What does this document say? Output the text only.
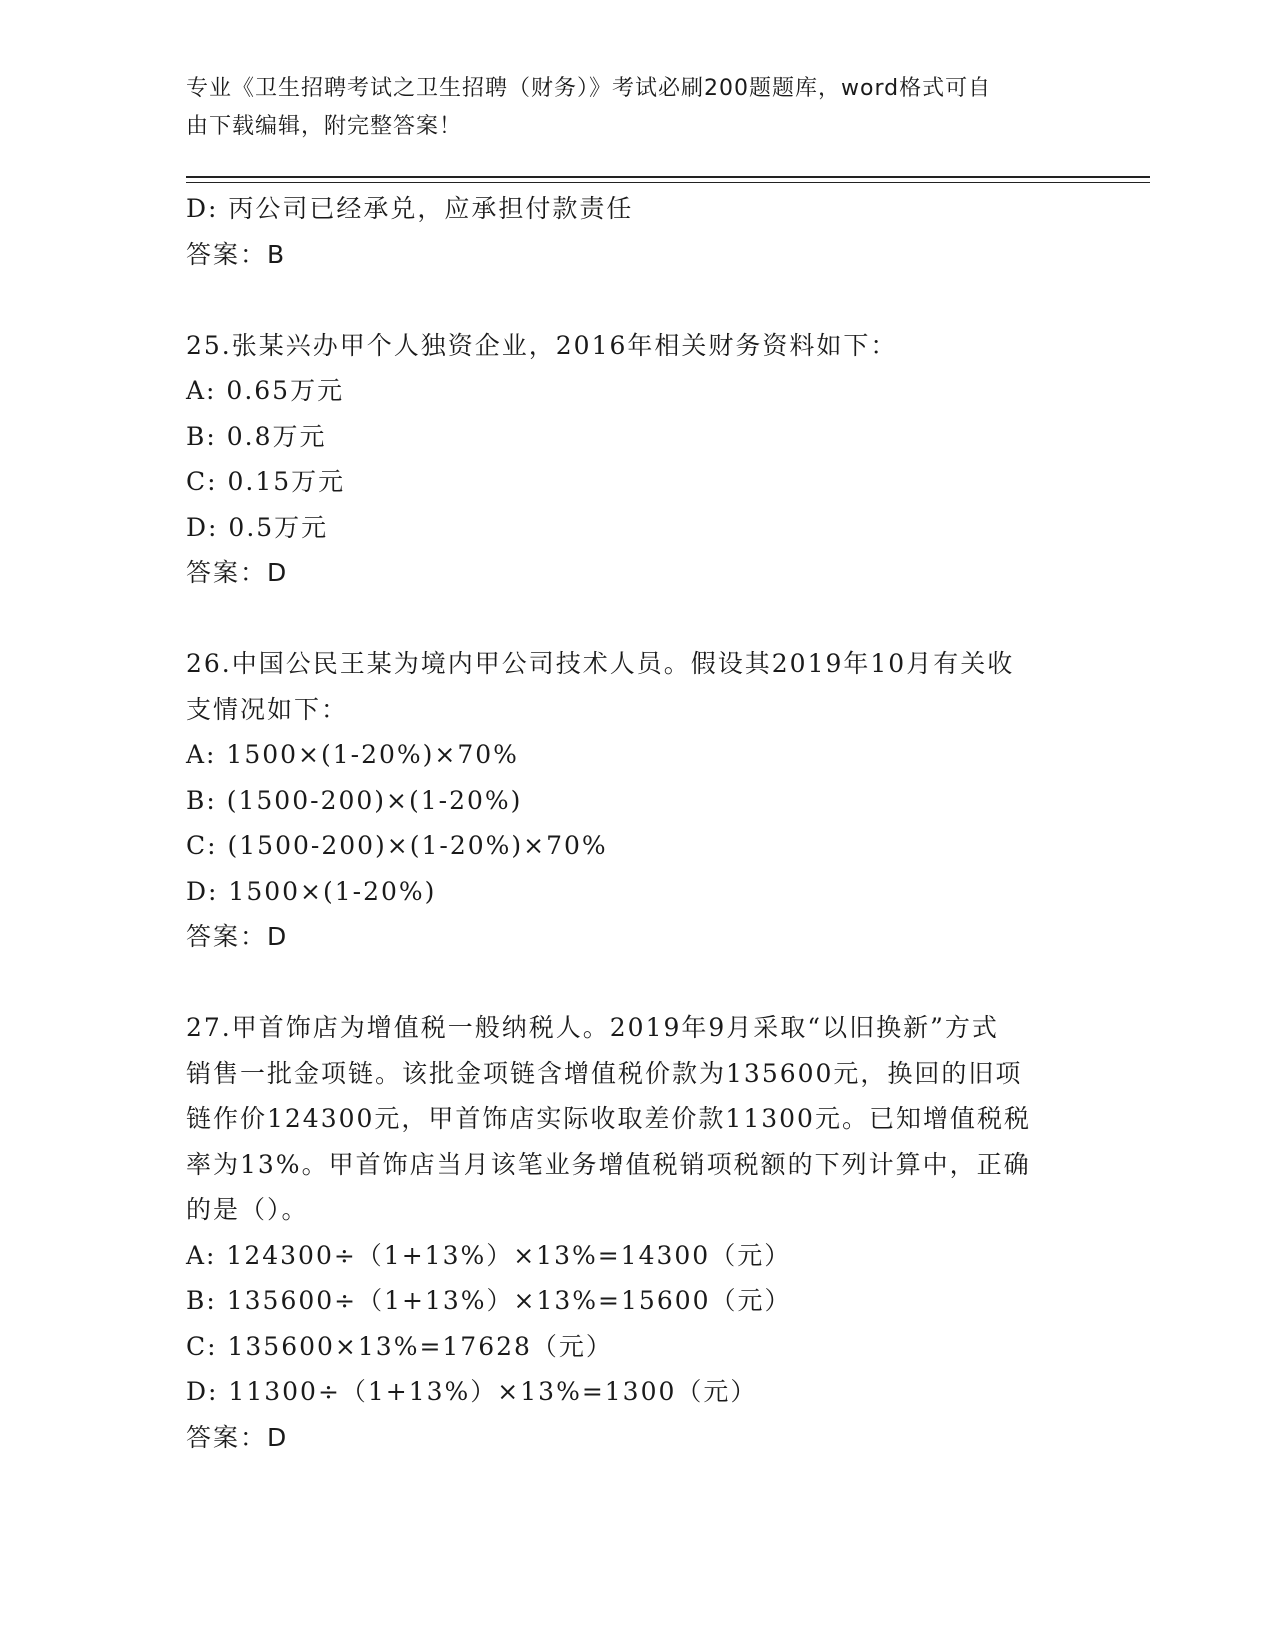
专业《卫生招聘考试之卫生招聘（财务）》考试必刷200题题库，word格式可自
由下载编辑，附完整答案！
D: 丙公司已经承兑，应承担付款责任
答案：B
25.张某兴办甲个人独资企业，2016年相关财务资料如下：
A: 0.65万元
B: 0.8万元
C: 0.15万元
D: 0.5万元
答案：D
26.中国公民王某为境内甲公司技术人员。假设其2019年10月有关收
支情况如下：
A: 1500×(1-20%)×70%
B: (1500-200)×(1-20%)
C: (1500-200)×(1-20%)×70%
D: 1500×(1-20%)
答案：D
27.甲首饰店为增值税一般纳税人。2019年9月采取“以旧换新”方式
销售一批金项链。该批金项链含增值税价款为135600元，换回的旧项
链作价124300元，甲首饰店实际收取差价款11300元。已知增值税税
率为13%。甲首饰店当月该笔业务增值税销项税额的下列计算中，正确
的是（）。
A: 124300÷（1+13%）×13%=14300（元）
B: 135600÷（1+13%）×13%=15600（元）
C: 135600×13%=17628（元）
D: 11300÷（1+13%）×13%=1300（元）
答案：D
